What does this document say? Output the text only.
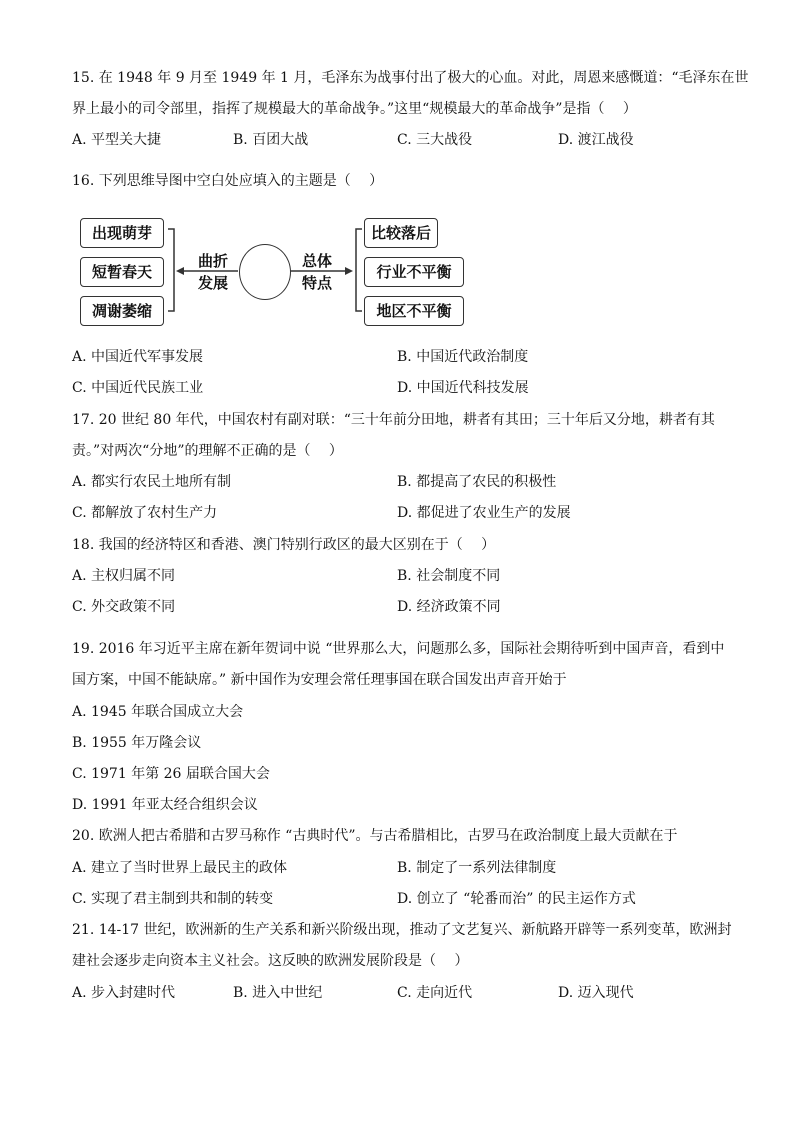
15. 在 1948 年 9 月至 1949 年 1 月，毛泽东为战事付出了极大的心血。对此，周恩来感慨道：“毛泽东在世
界上最小的司令部里，指挥了规模最大的革命战争。”这里“规模最大的革命战争”是指（　 ）
A. 平型关大捷	B. 百团大战	C. 三大战役	D. 渡江战役
16. 下列思维导图中空白处应填入的主题是（　 ）
出现萌芽
短暂春天
凋谢萎缩
曲折
发展
总体
特点
比较落后
行业不平衡
地区不平衡
A. 中国近代军事发展	B. 中国近代政治制度
C. 中国近代民族工业	D. 中国近代科技发展
17. 20 世纪 80 年代，中国农村有副对联：“三十年前分田地，耕者有其田；三十年后又分地，耕者有其
责。”对两次“分地”的理解不正确的是（　 ）
A. 都实行农民土地所有制	B. 都提高了农民的积极性
C. 都解放了农村生产力	D. 都促进了农业生产的发展
18. 我国的经济特区和香港、澳门特别行政区的最大区别在于（　 ）
A. 主权归属不同	B. 社会制度不同
C. 外交政策不同	D. 经济政策不同
19. 2016 年习近平主席在新年贺词中说 “世界那么大，问题那么多，国际社会期待听到中国声音，看到中
国方案，中国不能缺席。” 新中国作为安理会常任理事国在联合国发出声音开始于
A. 1945 年联合国成立大会
B. 1955 年万隆会议
C. 1971 年第 26 届联合国大会
D. 1991 年亚太经合组织会议
20. 欧洲人把古希腊和古罗马称作 “古典时代”。与古希腊相比，古罗马在政治制度上最大贡献在于
A. 建立了当时世界上最民主的政体	B. 制定了一系列法律制度
C. 实现了君主制到共和制的转变	D. 创立了 “轮番而治” 的民主运作方式
21. 14-17 世纪，欧洲新的生产关系和新兴阶级出现，推动了文艺复兴、新航路开辟等一系列变革，欧洲封
建社会逐步走向资本主义社会。这反映的欧洲发展阶段是（　 ）
A. 步入封建时代	B. 进入中世纪	C. 走向近代	D. 迈入现代
